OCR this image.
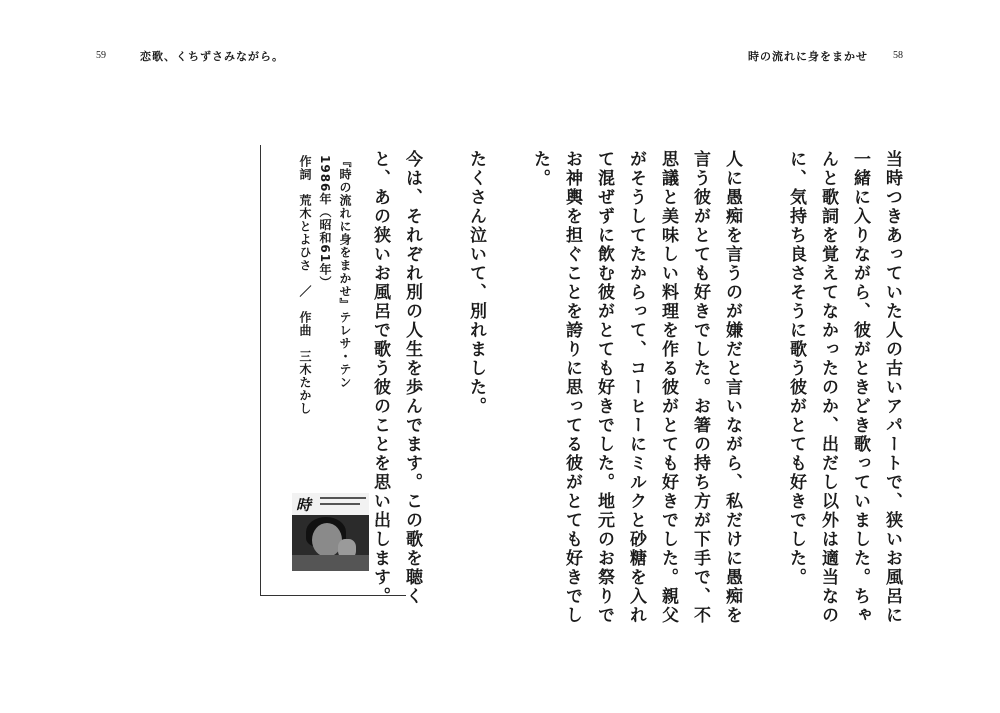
59	恋歌、くちずさみながら。	時の流れに身をまかせ	58

当時つきあっていた人の古いアパートで、狭いお風呂に一緒に入りながら、彼がときどき歌っていました。ちゃんと歌詞を覚えてなかったのか、出だし以外は適当なのに、気持ち良さそうに歌う彼がとても好きでした。

人に愚痴を言うのが嫌だと言いながら、私だけに愚痴を言う彼がとても好きでした。お箸の持ち方が下手で、不思議と美味しい料理を作る彼がとても好きでした。親父がそうしてたからって、コーヒーにミルクと砂糖を入れて混ぜずに飲む彼がとても好きでした。地元のお祭りでお神輿を担ぐことを誇りに思ってる彼がとても好きでした。

たくさん泣いて、別れました。

今は、それぞれ別の人生を歩んでます。この歌を聴くと、あの狭いお風呂で歌う彼のことを思い出します。

『時の流れに身をまかせ』テレサ・テン
1986年（昭和61年）
作詞　荒木とよひさ　／　作曲　三木たかし
時
